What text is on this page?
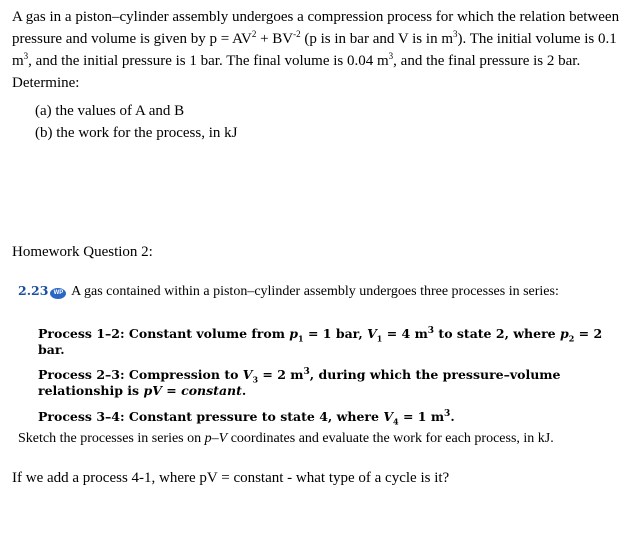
A gas in a piston–cylinder assembly undergoes a compression process for which the relation between pressure and volume is given by $p = AV^2 + BV^{-2}$ (p is in bar and V is in $m^3$). The initial volume is 0.1 $m^3$, and the initial pressure is 1 bar. The final volume is 0.04 $m^3$, and the final pressure is 2 bar. Determine:
(a) the values of A and B
(b) the work for the process, in kJ
Homework Question 2:
2.23 WP A gas contained within a piston–cylinder assembly undergoes three processes in series:
Process 1–2: Constant volume from $p_1 = 1$ bar, $V_1 = 4$ $m^3$ to state 2, where $p_2 = 2$ bar.
Process 2–3: Compression to $V_3 = 2$ $m^3$, during which the pressure–volume relationship is pV = constant.
Process 3–4: Constant pressure to state 4, where $V_4 = 1$ $m^3$.
Sketch the processes in series on p–V coordinates and evaluate the work for each process, in kJ.
If we add a process 4-1, where pV = constant - what type of a cycle is it?
